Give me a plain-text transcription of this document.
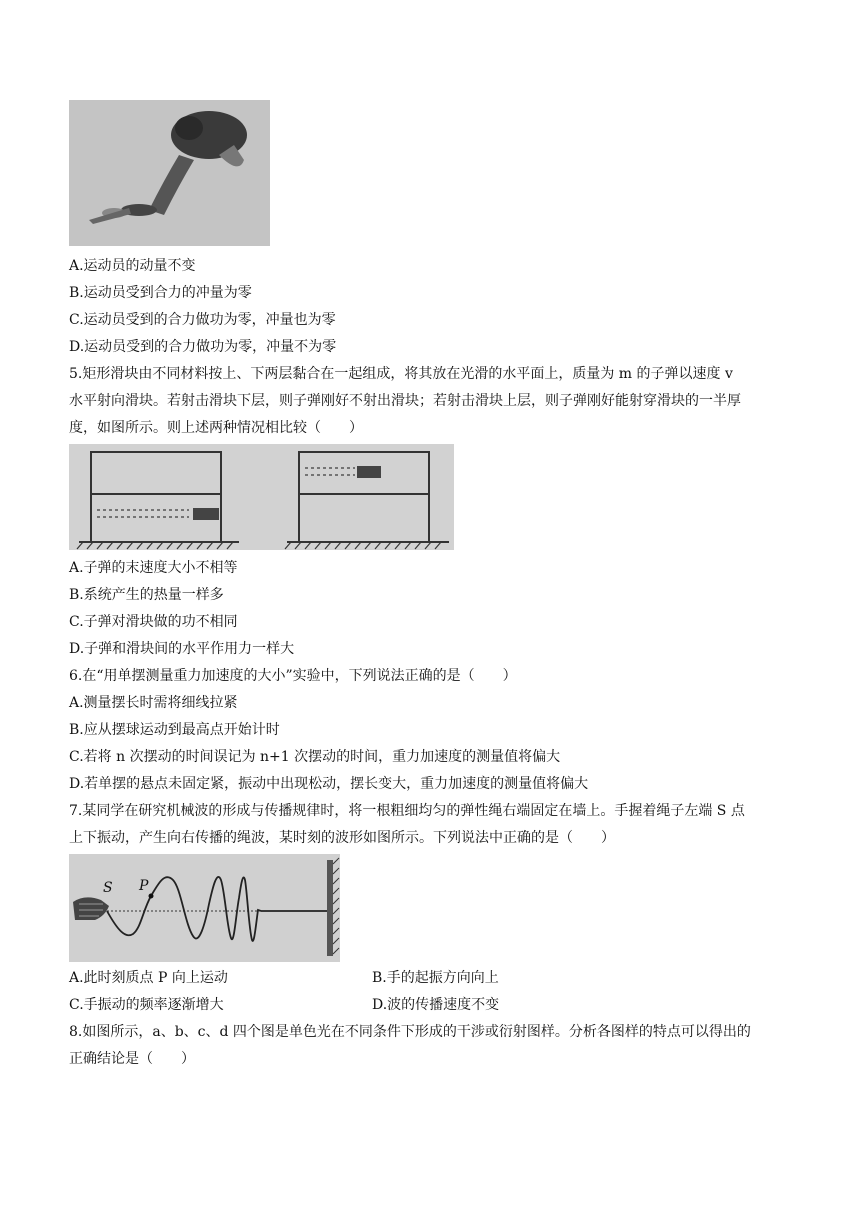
A.运动员的动量不变
B.运动员受到合力的冲量为零
C.运动员受到的合力做功为零，冲量也为零
D.运动员受到的合力做功为零，冲量不为零
5.矩形滑块由不同材料按上、下两层黏合在一起组成，将其放在光滑的水平面上，质量为 m 的子弹以速度 v
水平射向滑块。若射击滑块下层，则子弹刚好不射出滑块；若射击滑块上层，则子弹刚好能射穿滑块的一半厚
度，如图所示。则上述两种情况相比较（　　）
A.子弹的末速度大小不相等
B.系统产生的热量一样多
C.子弹对滑块做的功不相同
D.子弹和滑块间的水平作用力一样大
6.在“用单摆测量重力加速度的大小”实验中，下列说法正确的是（　　）
A.测量摆长时需将细线拉紧
B.应从摆球运动到最高点开始计时
C.若将 n 次摆动的时间误记为 n+1 次摆动的时间，重力加速度的测量值将偏大
D.若单摆的悬点未固定紧，振动中出现松动，摆长变大，重力加速度的测量值将偏大
7.某同学在研究机械波的形成与传播规律时，将一根粗细均匀的弹性绳右端固定在墙上。手握着绳子左端 S 点
上下振动，产生向右传播的绳波，某时刻的波形如图所示。下列说法中正确的是（　　）
S P
A.此时刻质点 P 向上运动	B.手的起振方向向上
C.手振动的频率逐渐增大	D.波的传播速度不变
8.如图所示，a、b、c、d 四个图是单色光在不同条件下形成的干涉或衍射图样。分析各图样的特点可以得出的
正确结论是（　　）
